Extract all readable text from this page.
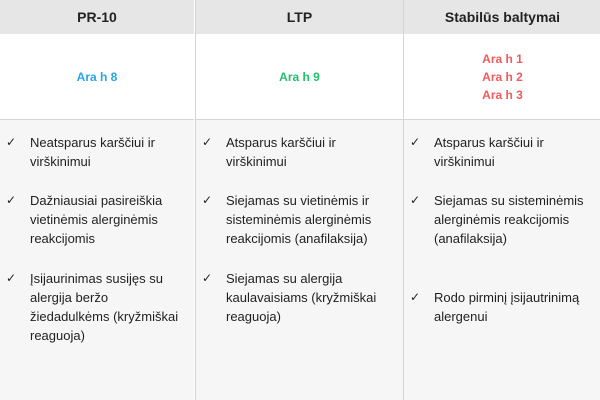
PR-10
Ara h 8
✓ Neatsparus karščiui ir virškinimui
✓ Dažniausiai pasireiškia vietinėmis alerginėmis reakcijomis
✓ Įsijaurinimas susijęs su alergija beržo žiedadulkėms (kryžmiškai reaguoja)
LTP
Ara h 9
✓ Atsparus karščiui ir virškinimui
✓ Siejamas su vietinėmis ir sisteminėmis alerginėmis reakcijomis (anafilaksija)
✓ Siejamas su alergija kaulavaisiams (kryžmiškai reaguoja)
Stabilūs baltymai
Ara h 1
Ara h 2
Ara h 3
✓ Atsparus karščiui ir virškinimui
✓ Siejamas su sisteminėmis alerginėmis reakcijomis (anafilaksija)
✓ Rodo pirminį įsijautrinimą alergenui
